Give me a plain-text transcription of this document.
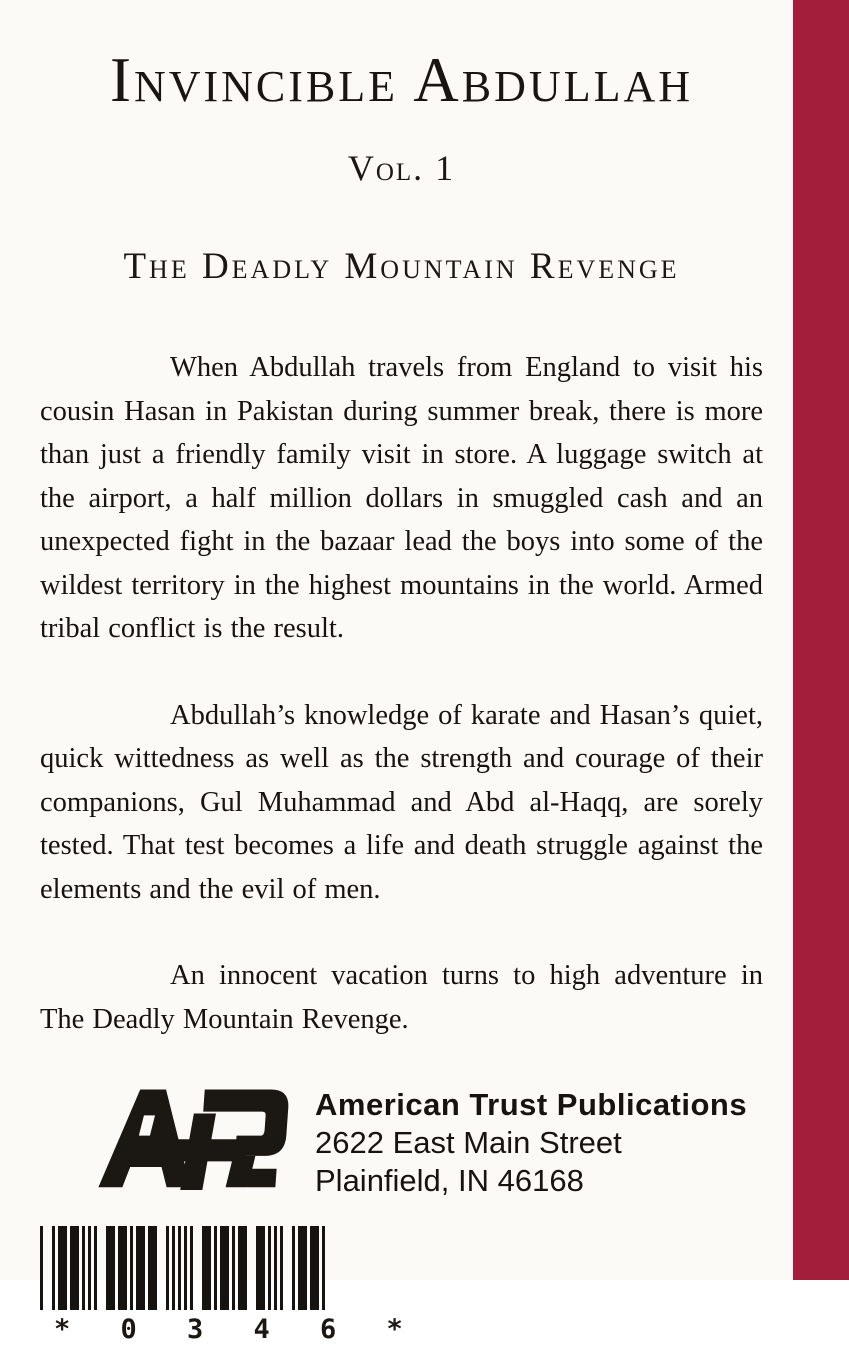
Invincible Abdullah
Vol. 1
The Deadly Mountain Revenge

When Abdullah travels from England to visit his cousin Hasan in Pakistan during summer break, there is more than just a friendly family visit in store. A luggage switch at the airport, a half million dollars in smuggled cash and an unexpected fight in the bazaar lead the boys into some of the wildest territory in the highest mountains in the world. Armed tribal conflict is the result.

Abdullah’s knowledge of karate and Hasan’s quiet, quick wittedness as well as the strength and courage of their companions, Gul Muhammad and Abd al-Haqq, are sorely tested. That test becomes a life and death struggle against the elements and the evil of men.

An innocent vacation turns to high adventure in The Deadly Mountain Revenge.

American Trust Publications
2622 East Main Street
Plainfield, IN 46168
* 0 3 4 6 *
